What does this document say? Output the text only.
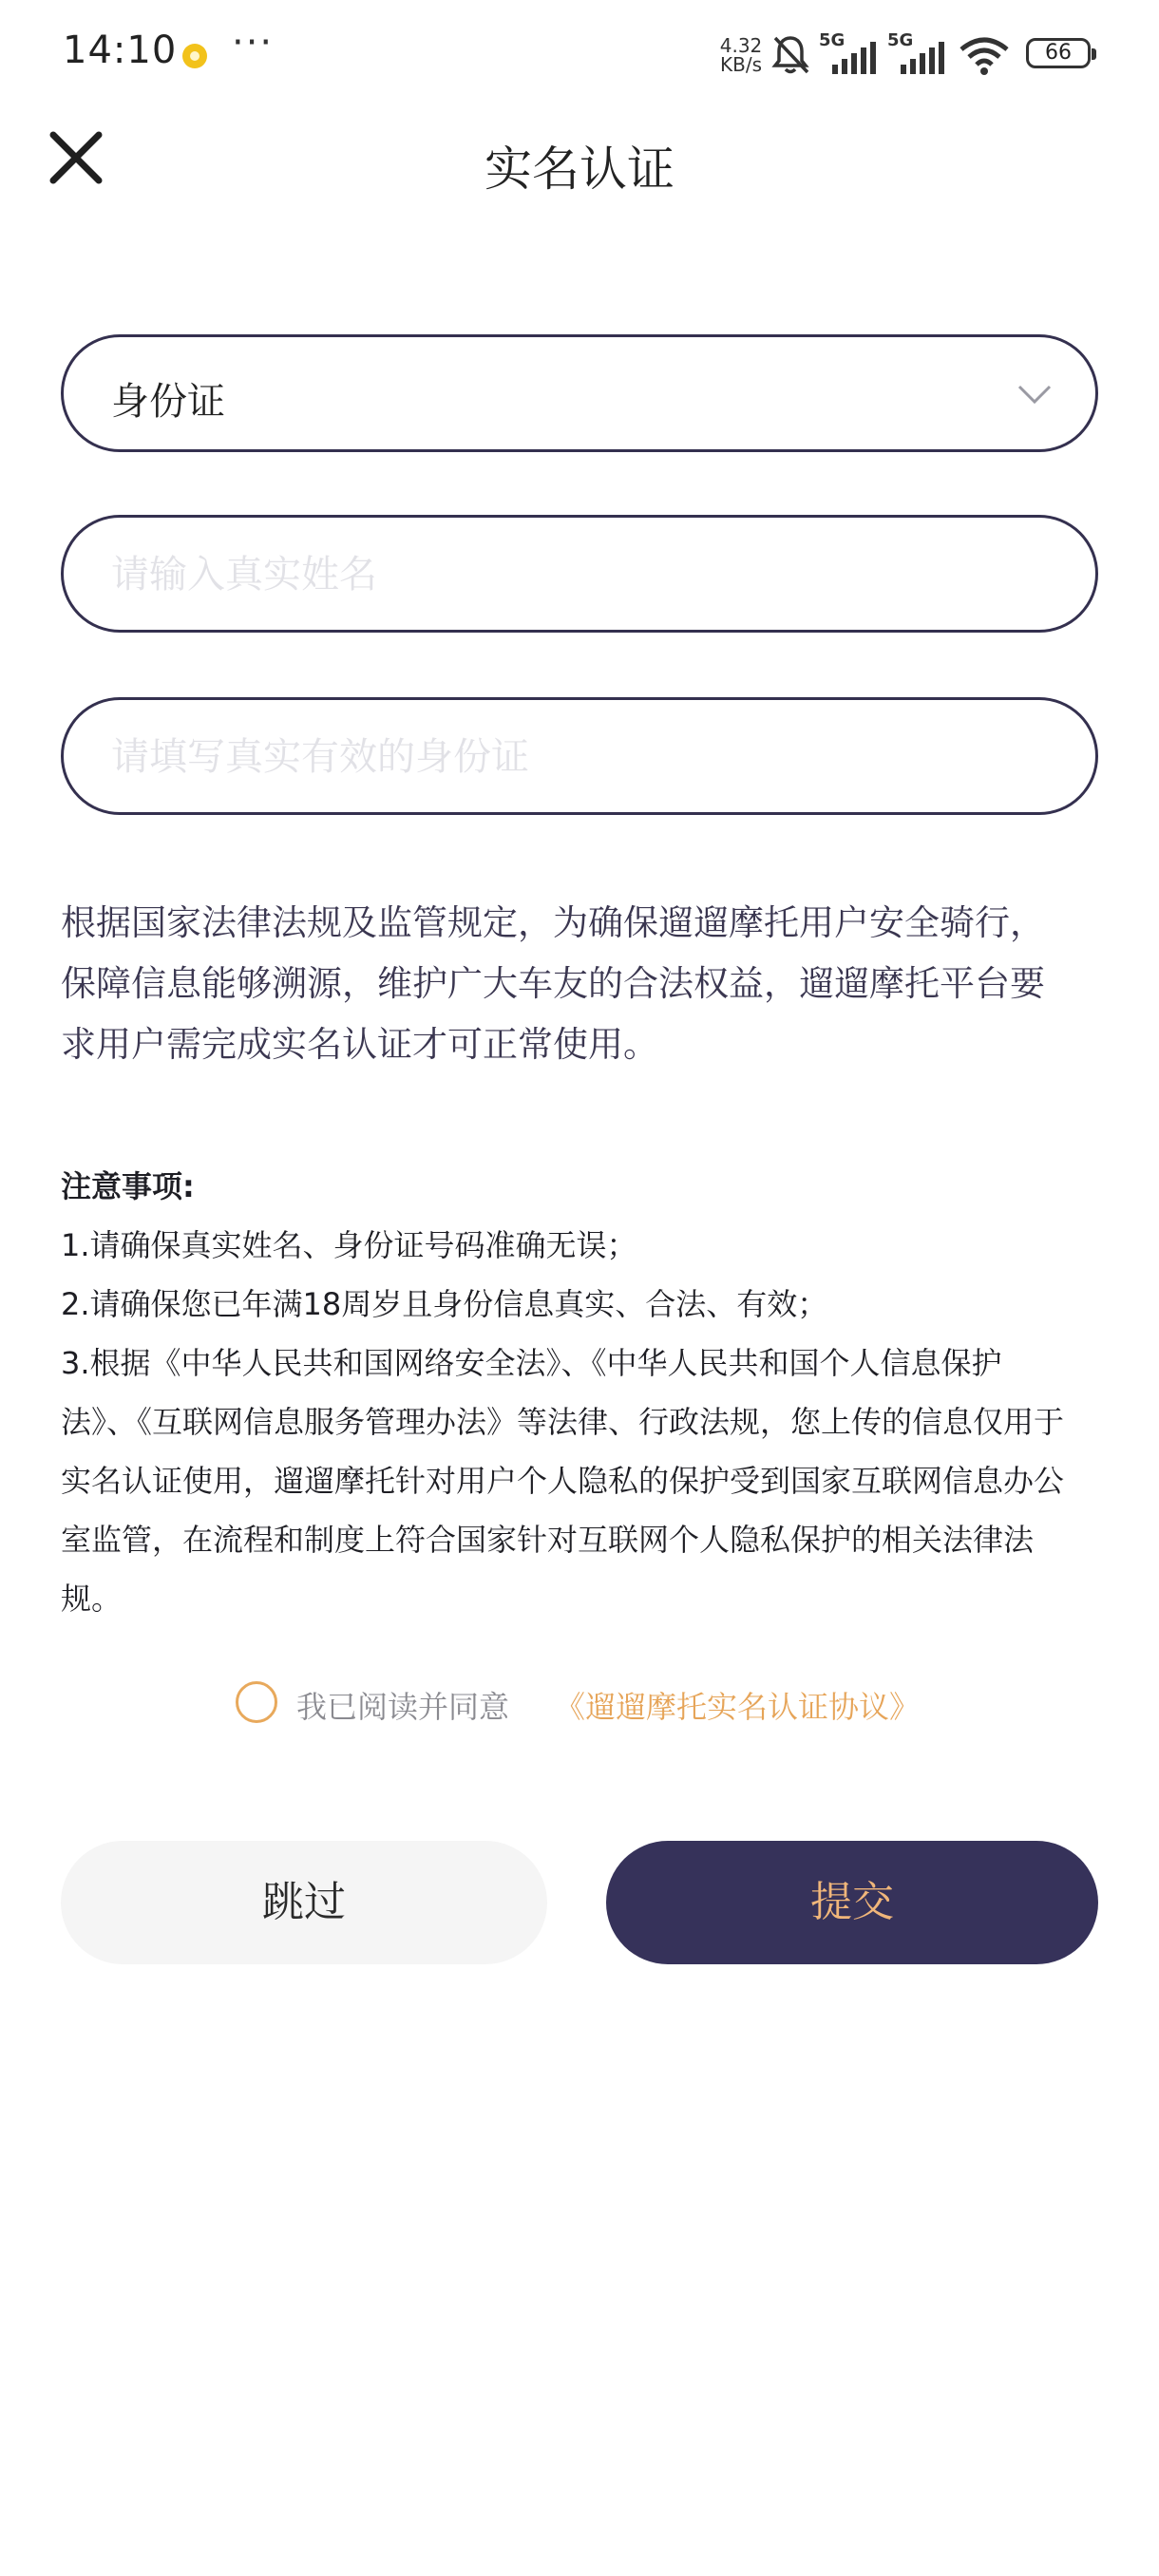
14:10 ···	4.32
KB/s
5G 5G
66
实名认证
身份证
请输入真实姓名
请填写真实有效的身份证
根据国家法律法规及监管规定，为确保遛遛摩托用户安全骑行，
保障信息能够溯源，维护广大车友的合法权益，遛遛摩托平台要
求用户需完成实名认证才可正常使用。
注意事项:
1.请确保真实姓名、身份证号码准确无误；
2.请确保您已年满18周岁且身份信息真实、合法、有效；
3.根据《中华人民共和国网络安全法》、《中华人民共和国个人信息保护
法》、《互联网信息服务管理办法》等法律、行政法规，您上传的信息仅用于
实名认证使用，遛遛摩托针对用户个人隐私的保护受到国家互联网信息办公
室监管，在流程和制度上符合国家针对互联网个人隐私保护的相关法律法
规。
我已阅读并同意 《遛遛摩托实名认证协议》
跳过	提交
